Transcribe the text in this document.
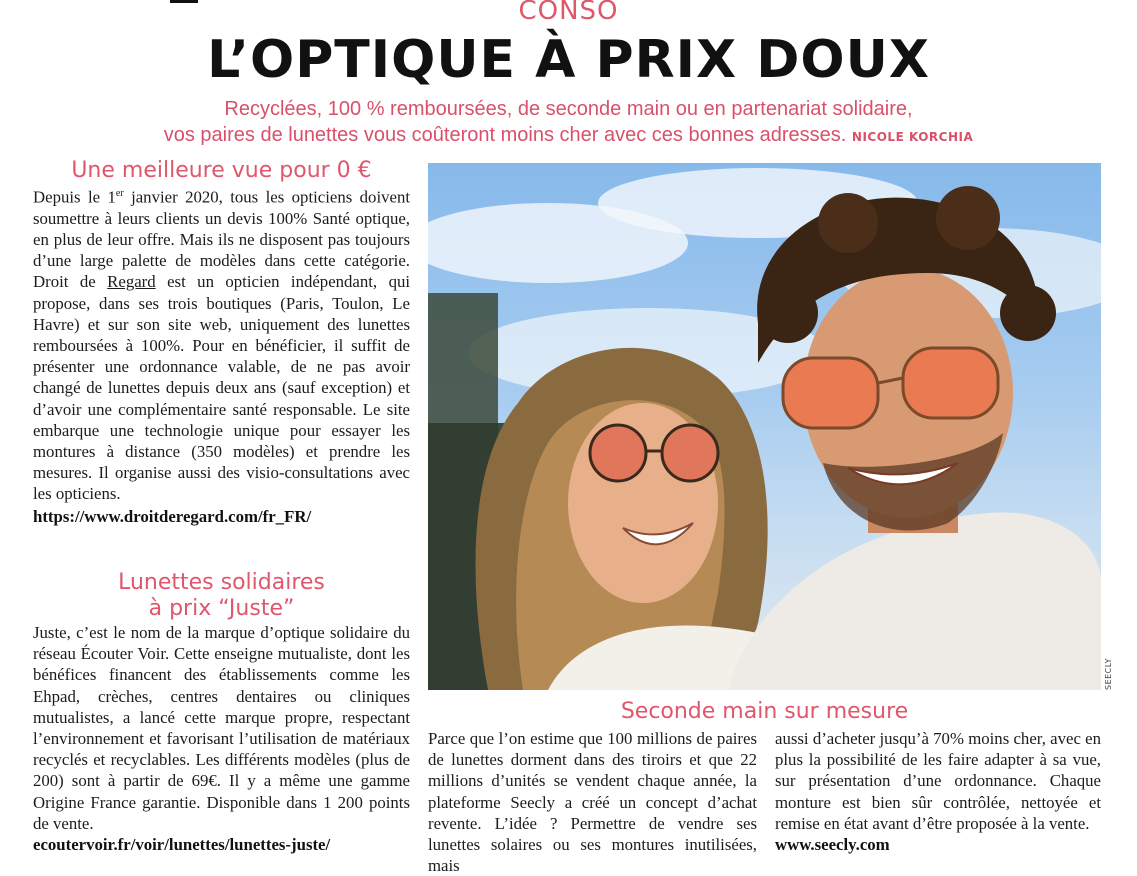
CONSO
L’OPTIQUE À PRIX DOUX
Recyclées, 100 % remboursées, de seconde main ou en partenariat solidaire,
vos paires de lunettes vous coûteront moins cher avec ces bonnes adresses. NICOLE KORCHIA
Une meilleure vue pour 0 €
Depuis le 1er janvier 2020, tous les opticiens doivent soumettre à leurs clients un devis 100% Santé optique, en plus de leur offre. Mais ils ne disposent pas toujours d’une large palette de modèles dans cette catégorie. Droit de Regard est un opticien indépendant, qui propose, dans ses trois boutiques (Paris, Toulon, Le Havre) et sur son site web, uniquement des lunettes remboursées à 100%. Pour en bénéficier, il suffit de présenter une ordonnance valable, de ne pas avoir changé de lunettes depuis deux ans (sauf exception) et d’avoir une complémentaire santé responsable. Le site embarque une technologie unique pour essayer les montures à distance (350 modèles) et prendre les mesures. Il organise aussi des visio-consultations avec les opticiens.
https://www.droitderegard.com/fr_FR/
Lunettes solidaires
à prix “Juste”
Juste, c’est le nom de la marque d’optique solidaire du réseau Écouter Voir. Cette enseigne mutualiste, dont les bénéfices financent des établissements comme les Ehpad, crèches, centres dentaires ou cliniques mutualistes, a lancé cette marque propre, respectant l’environnement et favorisant l’utilisation de matériaux recyclés et recyclables. Les différents modèles (plus de 200) sont à partir de 69€. Il y a même une gamme Origine France garantie. Disponible dans 1 200 points de vente.
ecoutervoir.fr/voir/lunettes/lunettes-juste/
SEECLY
Seconde main sur mesure
Parce que l’on estime que 100 millions de paires de lunettes dorment dans des tiroirs et que 22 millions d’unités se vendent chaque année, la plateforme Seecly a créé un concept d’achat revente. L’idée ? Permettre de vendre ses lunettes solaires ou ses montures inutilisées, mais
aussi d’acheter jusqu’à 70% moins cher, avec en plus la possibilité de les faire adapter à sa vue, sur présentation d’une ordonnance. Chaque monture est bien sûr contrôlée, nettoyée et remise en état avant d’être proposée à la vente.
www.seecly.com
